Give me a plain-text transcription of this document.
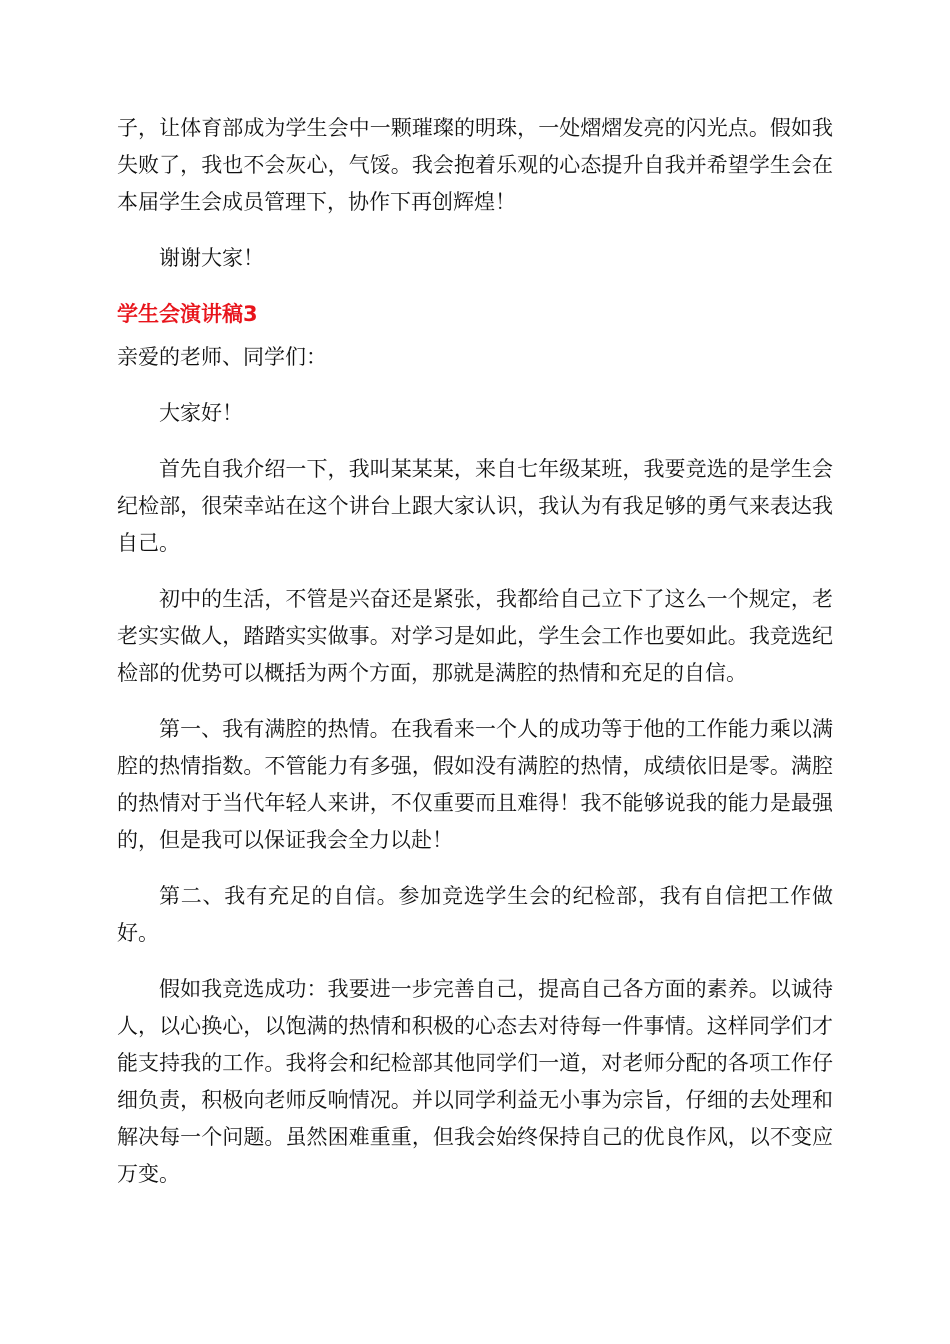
子，让体育部成为学生会中一颗璀璨的明珠，一处熠熠发亮的闪光点。假如我失败了，我也不会灰心，气馁。我会抱着乐观的心态提升自我并希望学生会在本届学生会成员管理下，协作下再创辉煌！

谢谢大家！

学生会演讲稿3

亲爱的老师、同学们：

大家好！

首先自我介绍一下，我叫某某某，来自七年级某班，我要竞选的是学生会纪检部，很荣幸站在这个讲台上跟大家认识，我认为有我足够的勇气来表达我自己。

初中的生活，不管是兴奋还是紧张，我都给自己立下了这么一个规定，老老实实做人，踏踏实实做事。对学习是如此，学生会工作也要如此。我竞选纪检部的优势可以概括为两个方面，那就是满腔的热情和充足的自信。

第一、我有满腔的热情。在我看来一个人的成功等于他的工作能力乘以满腔的热情指数。不管能力有多强，假如没有满腔的热情，成绩依旧是零。满腔的热情对于当代年轻人来讲，不仅重要而且难得！我不能够说我的能力是最强的，但是我可以保证我会全力以赴！

第二、我有充足的自信。参加竞选学生会的纪检部，我有自信把工作做好。

假如我竞选成功：我要进一步完善自己，提高自己各方面的素养。以诚待人，以心换心，以饱满的热情和积极的心态去对待每一件事情。这样同学们才能支持我的工作。我将会和纪检部其他同学们一道，对老师分配的各项工作仔细负责，积极向老师反响情况。并以同学利益无小事为宗旨，仔细的去处理和解决每一个问题。虽然困难重重，但我会始终保持自己的优良作风，以不变应万变。
